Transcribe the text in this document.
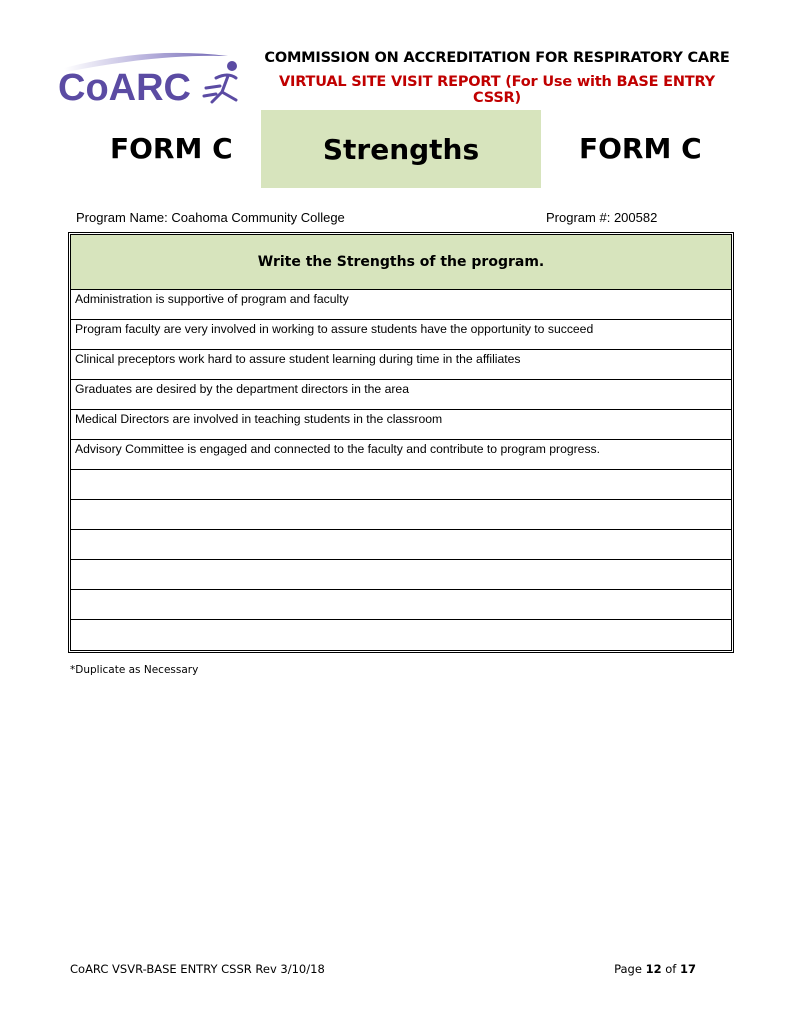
CoARC
COMMISSION ON ACCREDITATION FOR RESPIRATORY CARE
VIRTUAL SITE VISIT REPORT (For Use with BASE ENTRY CSSR)
FORM C	Strengths	FORM C
Program Name: Coahoma Community College	Program #: 200582
Write the Strengths of the program.
Administration is supportive of program and faculty
Program faculty are very involved in working to assure students have the opportunity to succeed
Clinical preceptors work hard to assure student learning during time in the affiliates
Graduates are desired by the department directors in the area
Medical Directors are involved in teaching students in the classroom
Advisory Committee is engaged and connected to the faculty and contribute to program progress.
*Duplicate as Necessary
CoARC VSVR-BASE ENTRY CSSR Rev 3/10/18	Page 12 of 17
